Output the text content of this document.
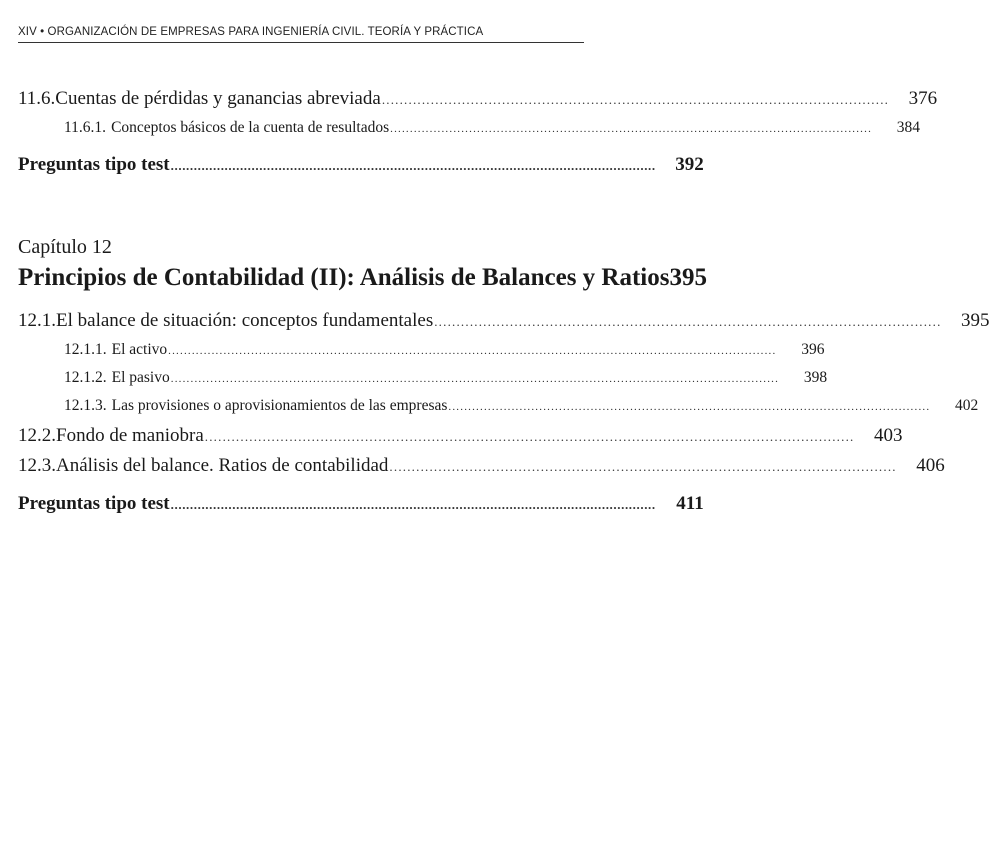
XIV • ORGANIZACIÓN DE EMPRESAS PARA INGENIERÍA CIVIL. TEORÍA Y PRÁCTICA
11.6. Cuentas de pérdidas y ganancias abreviada ..................................................................................................................	376
11.6.1. Conceptos básicos de la cuenta de resultados ..........................................................................................................................	384
Preguntas tipo test ..............................................................................................................................	392
Capítulo 12
Principios de Contabilidad (II): Análisis de Balances y Ratios 395
12.1. El balance de situación: conceptos fundamentales ..................................................................................................................	395
12.1.1. El activo ..........................................................................................................................................................	396
12.1.2. El pasivo ..........................................................................................................................................................	398
12.1.3. Las provisiones o aprovisionamientos de las empresas ..........................................................................................................................	402
12.2. Fondo de maniobra ..................................................................................................................................................	403
12.3. Análisis del balance. Ratios de contabilidad ..................................................................................................................	406
Preguntas tipo test ..............................................................................................................................	411
